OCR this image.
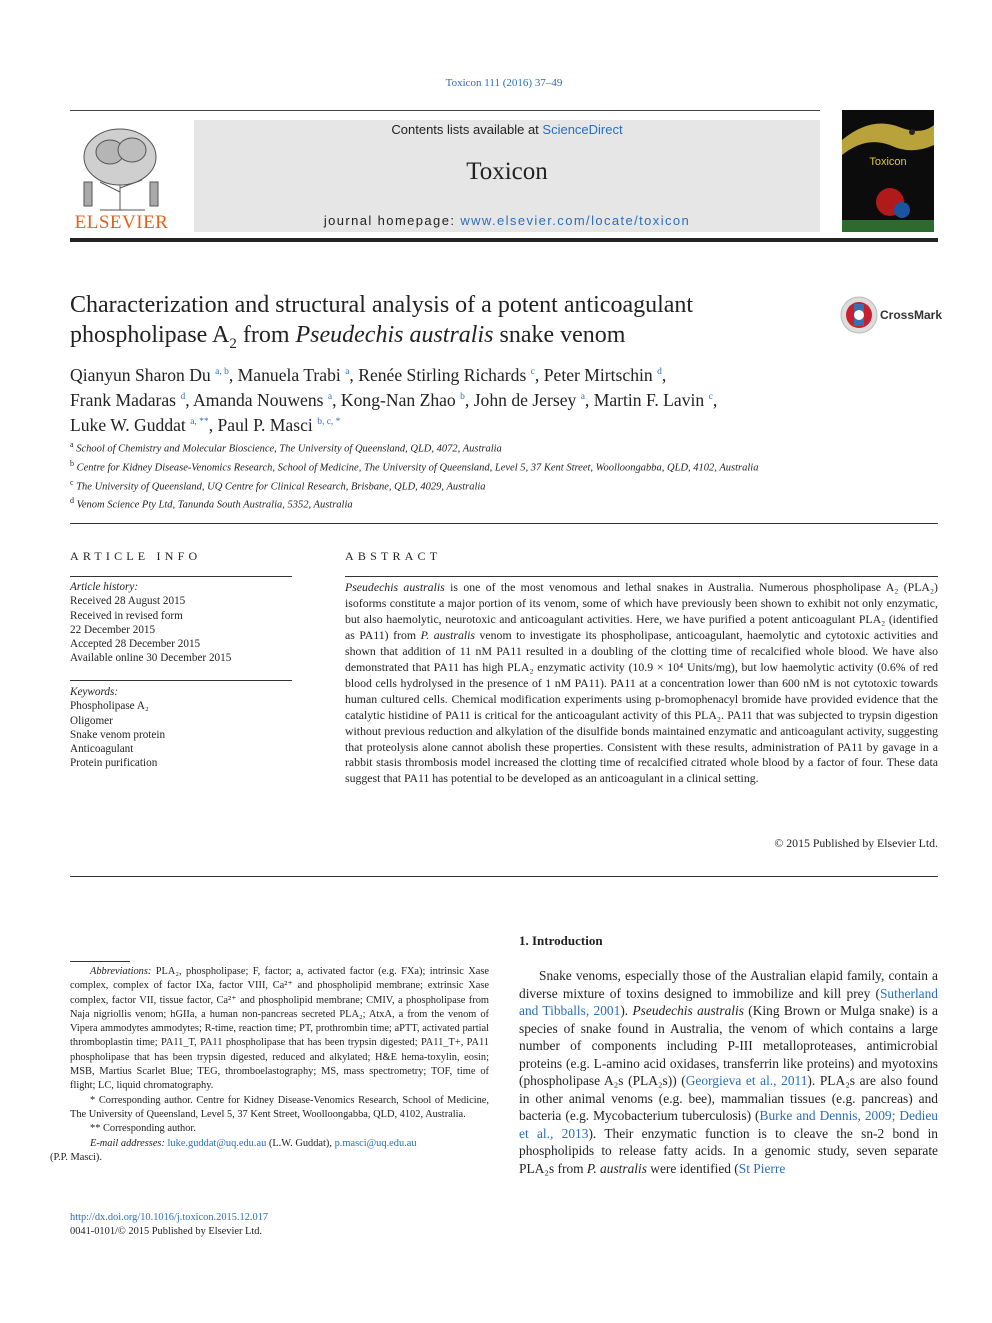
Toxicon 111 (2016) 37–49
ELSEVIER
Contents lists available at ScienceDirect
Toxicon
journal homepage: www.elsevier.com/locate/toxicon
Toxicon
Characterization and structural analysis of a potent anticoagulant
phospholipase $A_2$ from Pseudechis australis snake venom
CrossMark
Qianyun Sharon Du $^{a, b}$, Manuela Trabi $^a$, Renée Stirling Richards $^c$, Peter Mirtschin $^d$,
Frank Madaras $^d$, Amanda Nouwens $^a$, Kong-Nan Zhao $^b$, John de Jersey $^a$, Martin F. Lavin $^c$,
Luke W. Guddat $^{a, **}$, Paul P. Masci $^{b, c, *}$
$^a$ School of Chemistry and Molecular Bioscience, The University of Queensland, QLD, 4072, Australia
$^b$ Centre for Kidney Disease-Venomics Research, School of Medicine, The University of Queensland, Level 5, 37 Kent Street, Woolloongabba, QLD, 4102, Australia
$^c$ The University of Queensland, UQ Centre for Clinical Research, Brisbane, QLD, 4029, Australia
$^d$ Venom Science Pty Ltd, Tanunda South Australia, 5352, Australia
ARTICLE INFO
Article history:
Received 28 August 2015
Received in revised form
22 December 2015
Accepted 28 December 2015
Available online 30 December 2015
Keywords:
Phospholipase A₂
Oligomer
Snake venom protein
Anticoagulant
Protein purification
ABSTRACT
Pseudechis australis is one of the most venomous and lethal snakes in Australia. Numerous phospholipase A₂ (PLA₂) isoforms constitute a major portion of its venom, some of which have previously been shown to exhibit not only enzymatic, but also haemolytic, neurotoxic and anticoagulant activities. Here, we have purified a potent anticoagulant PLA₂ (identified as PA11) from P. australis venom to investigate its phospholipase, anticoagulant, haemolytic and cytotoxic activities and shown that addition of 11 nM PA11 resulted in a doubling of the clotting time of recalcified whole blood. We have also demonstrated that PA11 has high PLA₂ enzymatic activity (10.9 × 10⁴ Units/mg), but low haemolytic activity (0.6% of red blood cells hydrolysed in the presence of 1 nM PA11). PA11 at a concentration lower than 600 nM is not cytotoxic towards human cultured cells. Chemical modification experiments using p-bromophenacyl bromide have provided evidence that the catalytic histidine of PA11 is critical for the anticoagulant activity of this PLA₂. PA11 that was subjected to trypsin digestion without previous reduction and alkylation of the disulfide bonds maintained enzymatic and anticoagulant activity, suggesting that proteolysis alone cannot abolish these properties. Consistent with these results, administration of PA11 by gavage in a rabbit stasis thrombosis model increased the clotting time of recalcified citrated whole blood by a factor of four. These data suggest that PA11 has potential to be developed as an anticoagulant in a clinical setting.
© 2015 Published by Elsevier Ltd.

Abbreviations: PLA₂, phospholipase; F, factor; a, activated factor (e.g. FXa); intrinsic Xase complex, complex of factor IXa, factor VIII, Ca²⁺ and phospholipid membrane; extrinsic Xase complex, factor VII, tissue factor, Ca²⁺ and phospholipid membrane; CMIV, a phospholipase from Naja nigriollis venom; hGIIa, a human non-pancreas secreted PLA₂; AtxA, a from the venom of Vipera ammodytes ammodytes; R-time, reaction time; PT, prothrombin time; aPTT, activated partial thromboplastin time; PA11_T, PA11 phospholipase that has been trypsin digested; PA11_T+, PA11 phospholipase that has been trypsin digested, reduced and alkylated; H&E hema-toxylin, eosin; MSB, Martius Scarlet Blue; TEG, thromboelastography; MS, mass spectrometry; TOF, time of flight; LC, liquid chromatography.

* Corresponding author. Centre for Kidney Disease-Venomics Research, School of Medicine, The University of Queensland, Level 5, 37 Kent Street, Woolloongabba, QLD, 4102, Australia.

** Corresponding author.

E-mail addresses: luke.guddat@uq.edu.au (L.W. Guddat), p.masci@uq.edu.au
(P.P. Masci).

http://dx.doi.org/10.1016/j.toxicon.2015.12.017
0041-0101/© 2015 Published by Elsevier Ltd.
1. Introduction
Snake venoms, especially those of the Australian elapid family, contain a diverse mixture of toxins designed to immobilize and kill prey (Sutherland and Tibballs, 2001). Pseudechis australis (King Brown or Mulga snake) is a species of snake found in Australia, the venom of which contains a large number of components including P-III metalloproteases, antimicrobial proteins (e.g. L-amino acid oxidases, transferrin like proteins) and myotoxins (phospholipase A₂s (PLA₂s)) (Georgieva et al., 2011). PLA₂s are also found in other animal venoms (e.g. bee), mammalian tissues (e.g. pancreas) and bacteria (e.g. Mycobacterium tuberculosis) (Burke and Dennis, 2009; Dedieu et al., 2013). Their enzymatic function is to cleave the sn-2 bond in phospholipids to release fatty acids. In a genomic study, seven separate PLA₂s from P. australis were identified (St Pierre
